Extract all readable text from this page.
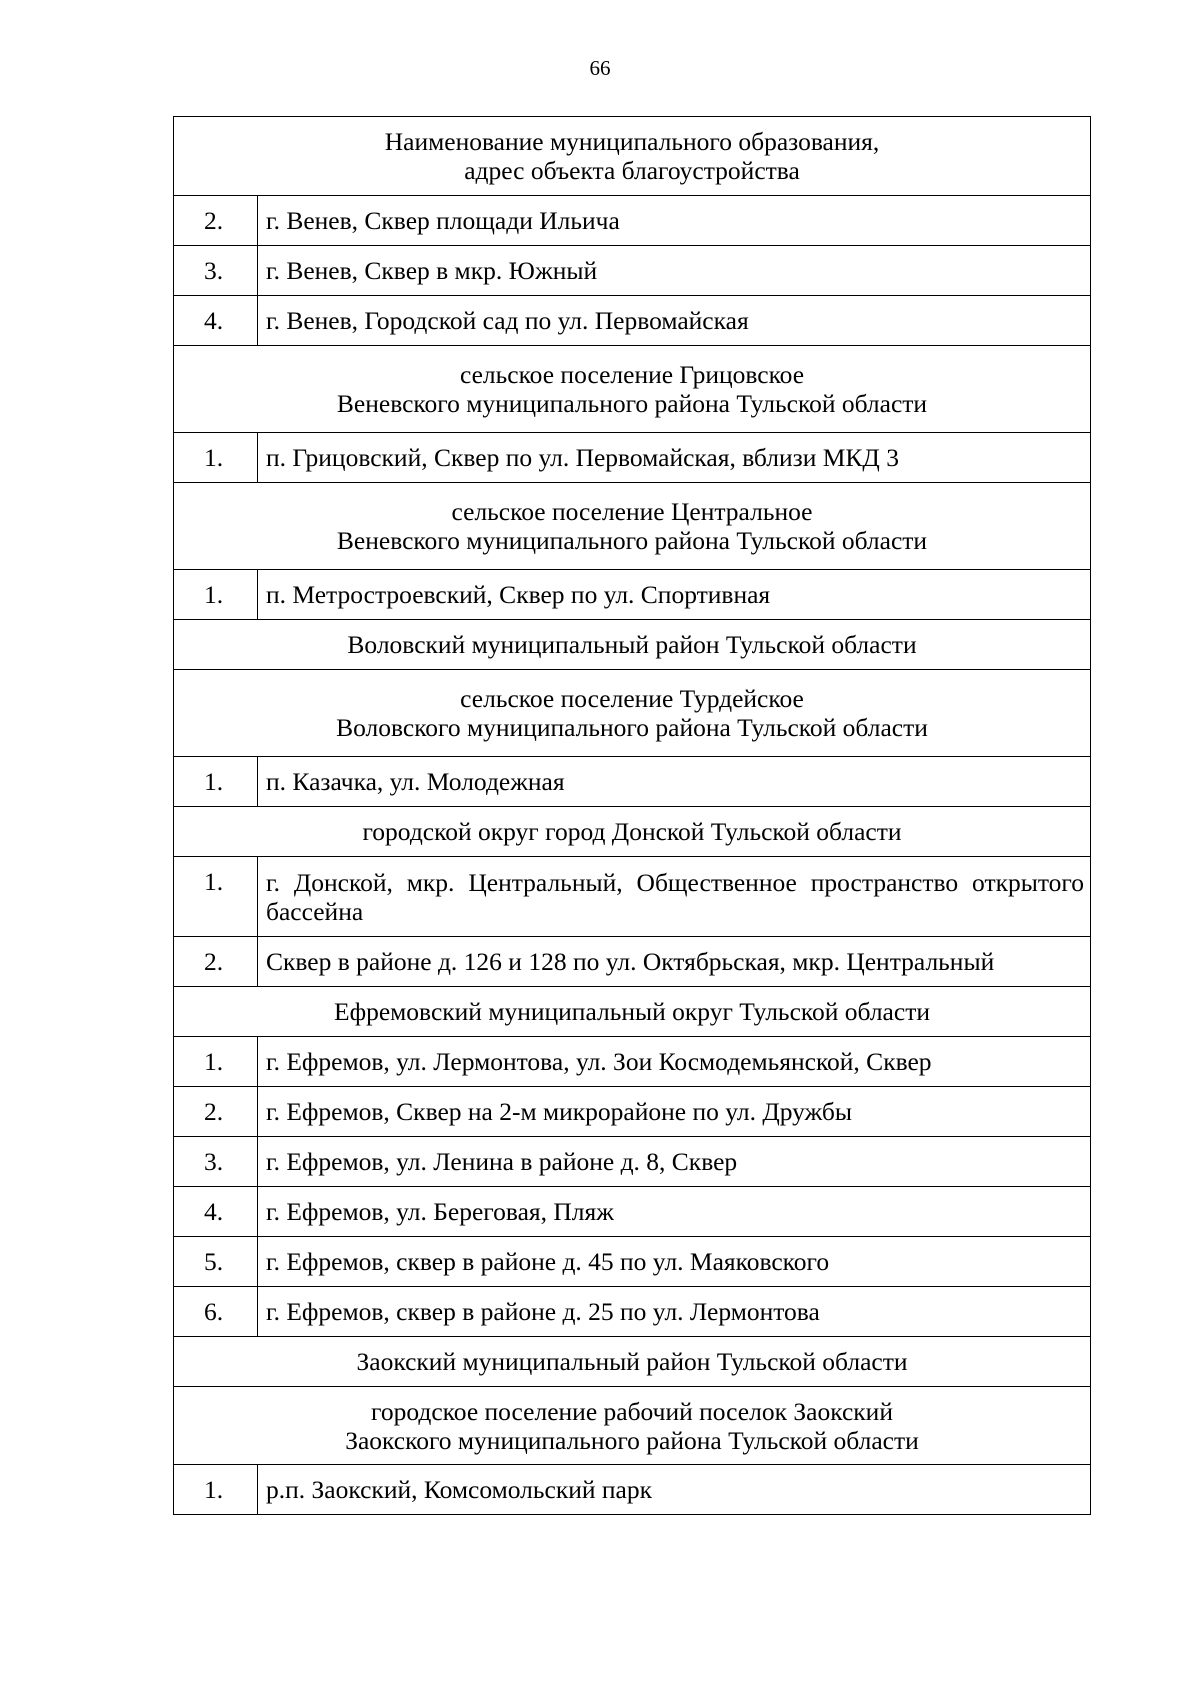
66
Наименование муниципального образования,
адрес объекта благоустройства	

2.	г. Венев, Сквер площади Ильича
3.	г. Венев, Сквер в мкр. Южный
4.	г. Венев, Городской сад по ул. Первомайская

сельское поселение Грицовское
Веневского муниципального района Тульской области	

1.	п. Грицовский, Сквер по ул. Первомайская, вблизи МКД 3

сельское поселение Центральное
Веневского муниципального района Тульской области	

1.	п. Метростроевский, Сквер по ул. Спортивная
Воловский муниципальный район Тульской области	

сельское поселение Турдейское
Воловского муниципального района Тульской области	

1.	п. Казачка, ул. Молодежная
городской округ город Донской Тульской области	
1.	г. Донской, мкр. Центральный, Общественное пространство открытого бассейна
2.	Сквер в районе д. 126 и 128 по ул. Октябрьская, мкр. Центральный
Ефремовский муниципальный округ Тульской области	
1.	г. Ефремов, ул. Лермонтова, ул. Зои Космодемьянской, Сквер
2.	г. Ефремов, Сквер на 2-м микрорайоне по ул. Дружбы
3.	г. Ефремов, ул. Ленина в районе д. 8, Сквер
4.	г. Ефремов, ул. Береговая, Пляж
5.	г. Ефремов, сквер в районе д. 45 по ул. Маяковского
6.	г. Ефремов, сквер в районе д. 25 по ул. Лермонтова
Заокский муниципальный район Тульской области	

городское поселение рабочий поселок Заокский
Заокского муниципального района Тульской области	

1.	р.п. Заокский, Комсомольский парк
